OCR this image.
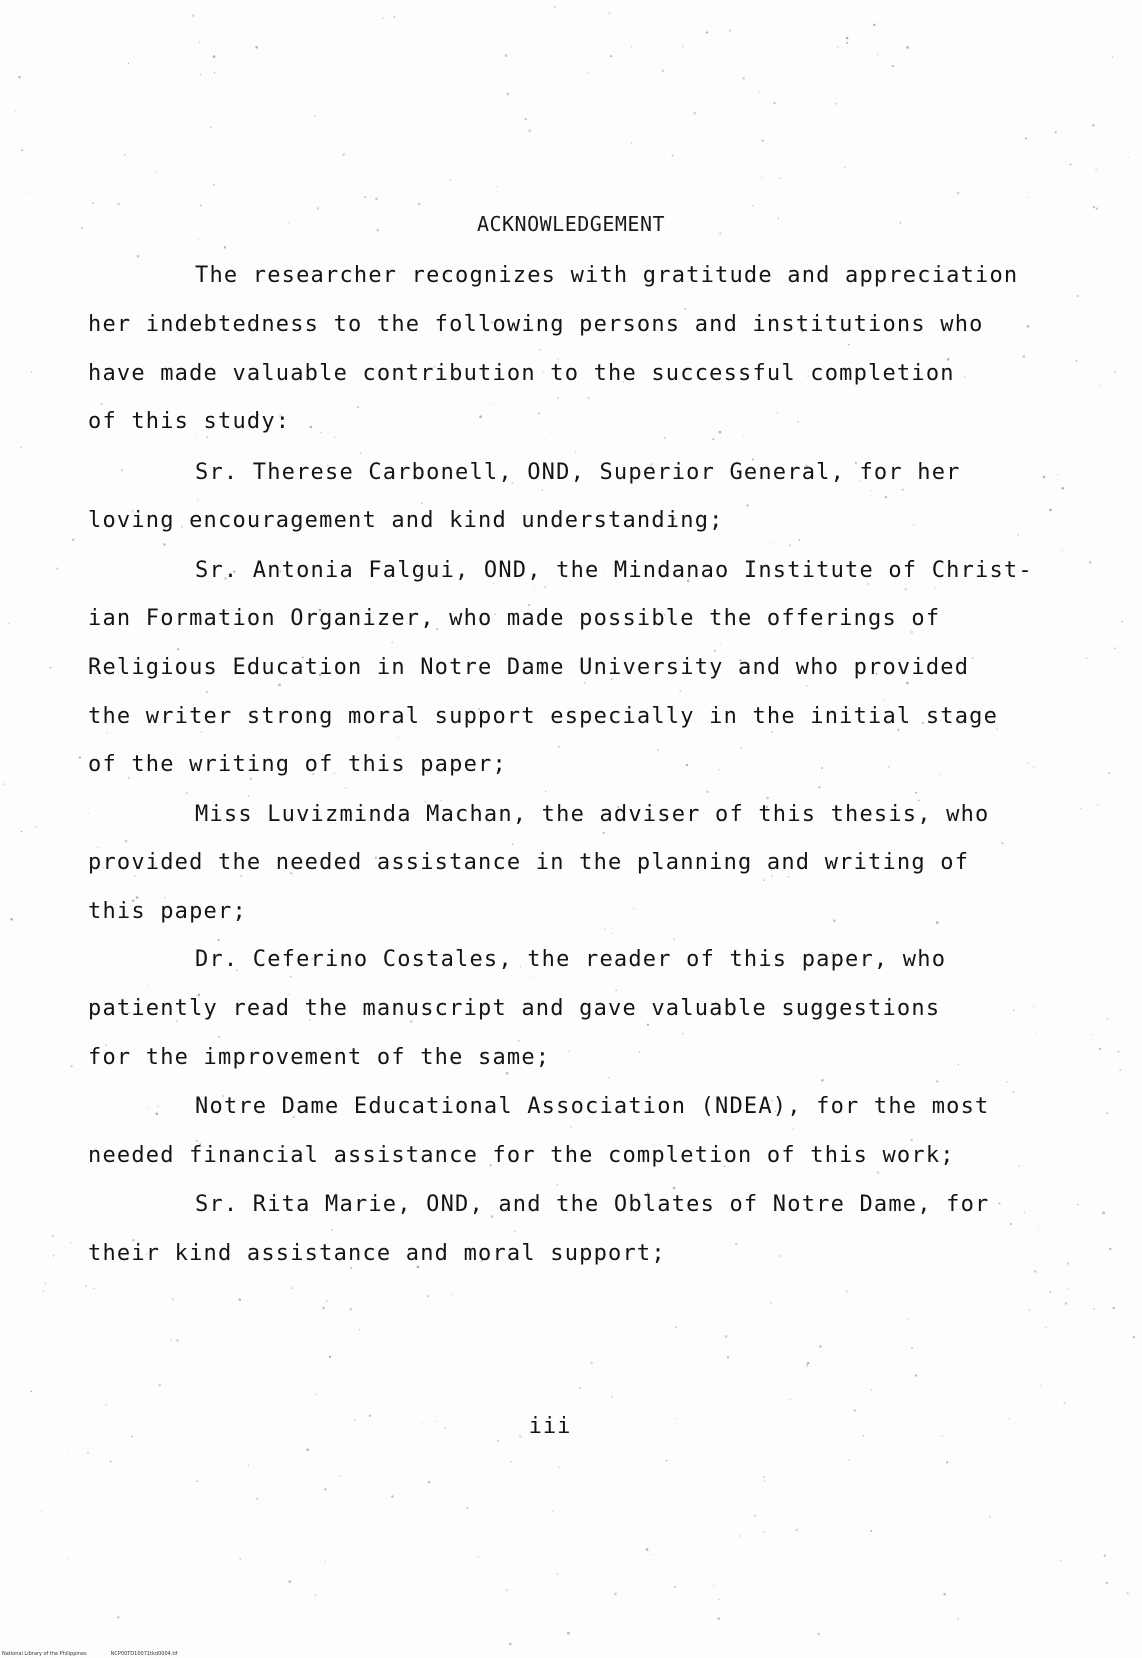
ACKNOWLEDGEMENT
The researcher recognizes with gratitude and appreciation
her indebtedness to the following persons and institutions who
have made valuable contribution to the successful completion
of this study:
Sr. Therese Carbonell, OND, Superior General, for her
loving encouragement and kind understanding;
Sr. Antonia Falgui, OND, the Mindanao Institute of Christ-
ian Formation Organizer, who made possible the offerings of
Religious Education in Notre Dame University and who provided
the writer strong moral support especially in the initial stage
of the writing of this paper;
Miss Luvizminda Machan, the adviser of this thesis, who
provided the needed assistance in the planning and writing of
this paper;
Dr. Ceferino Costales, the reader of this paper, who
patiently read the manuscript and gave valuable suggestions
for the improvement of the same;
Notre Dame Educational Association (NDEA), for the most
needed financial assistance for the completion of this work;
Sr. Rita Marie, OND, and the Oblates of Notre Dame, for
their kind assistance and moral support;
iii
National Library of the Philippines	NCP00TD10071tkd0004.tif
